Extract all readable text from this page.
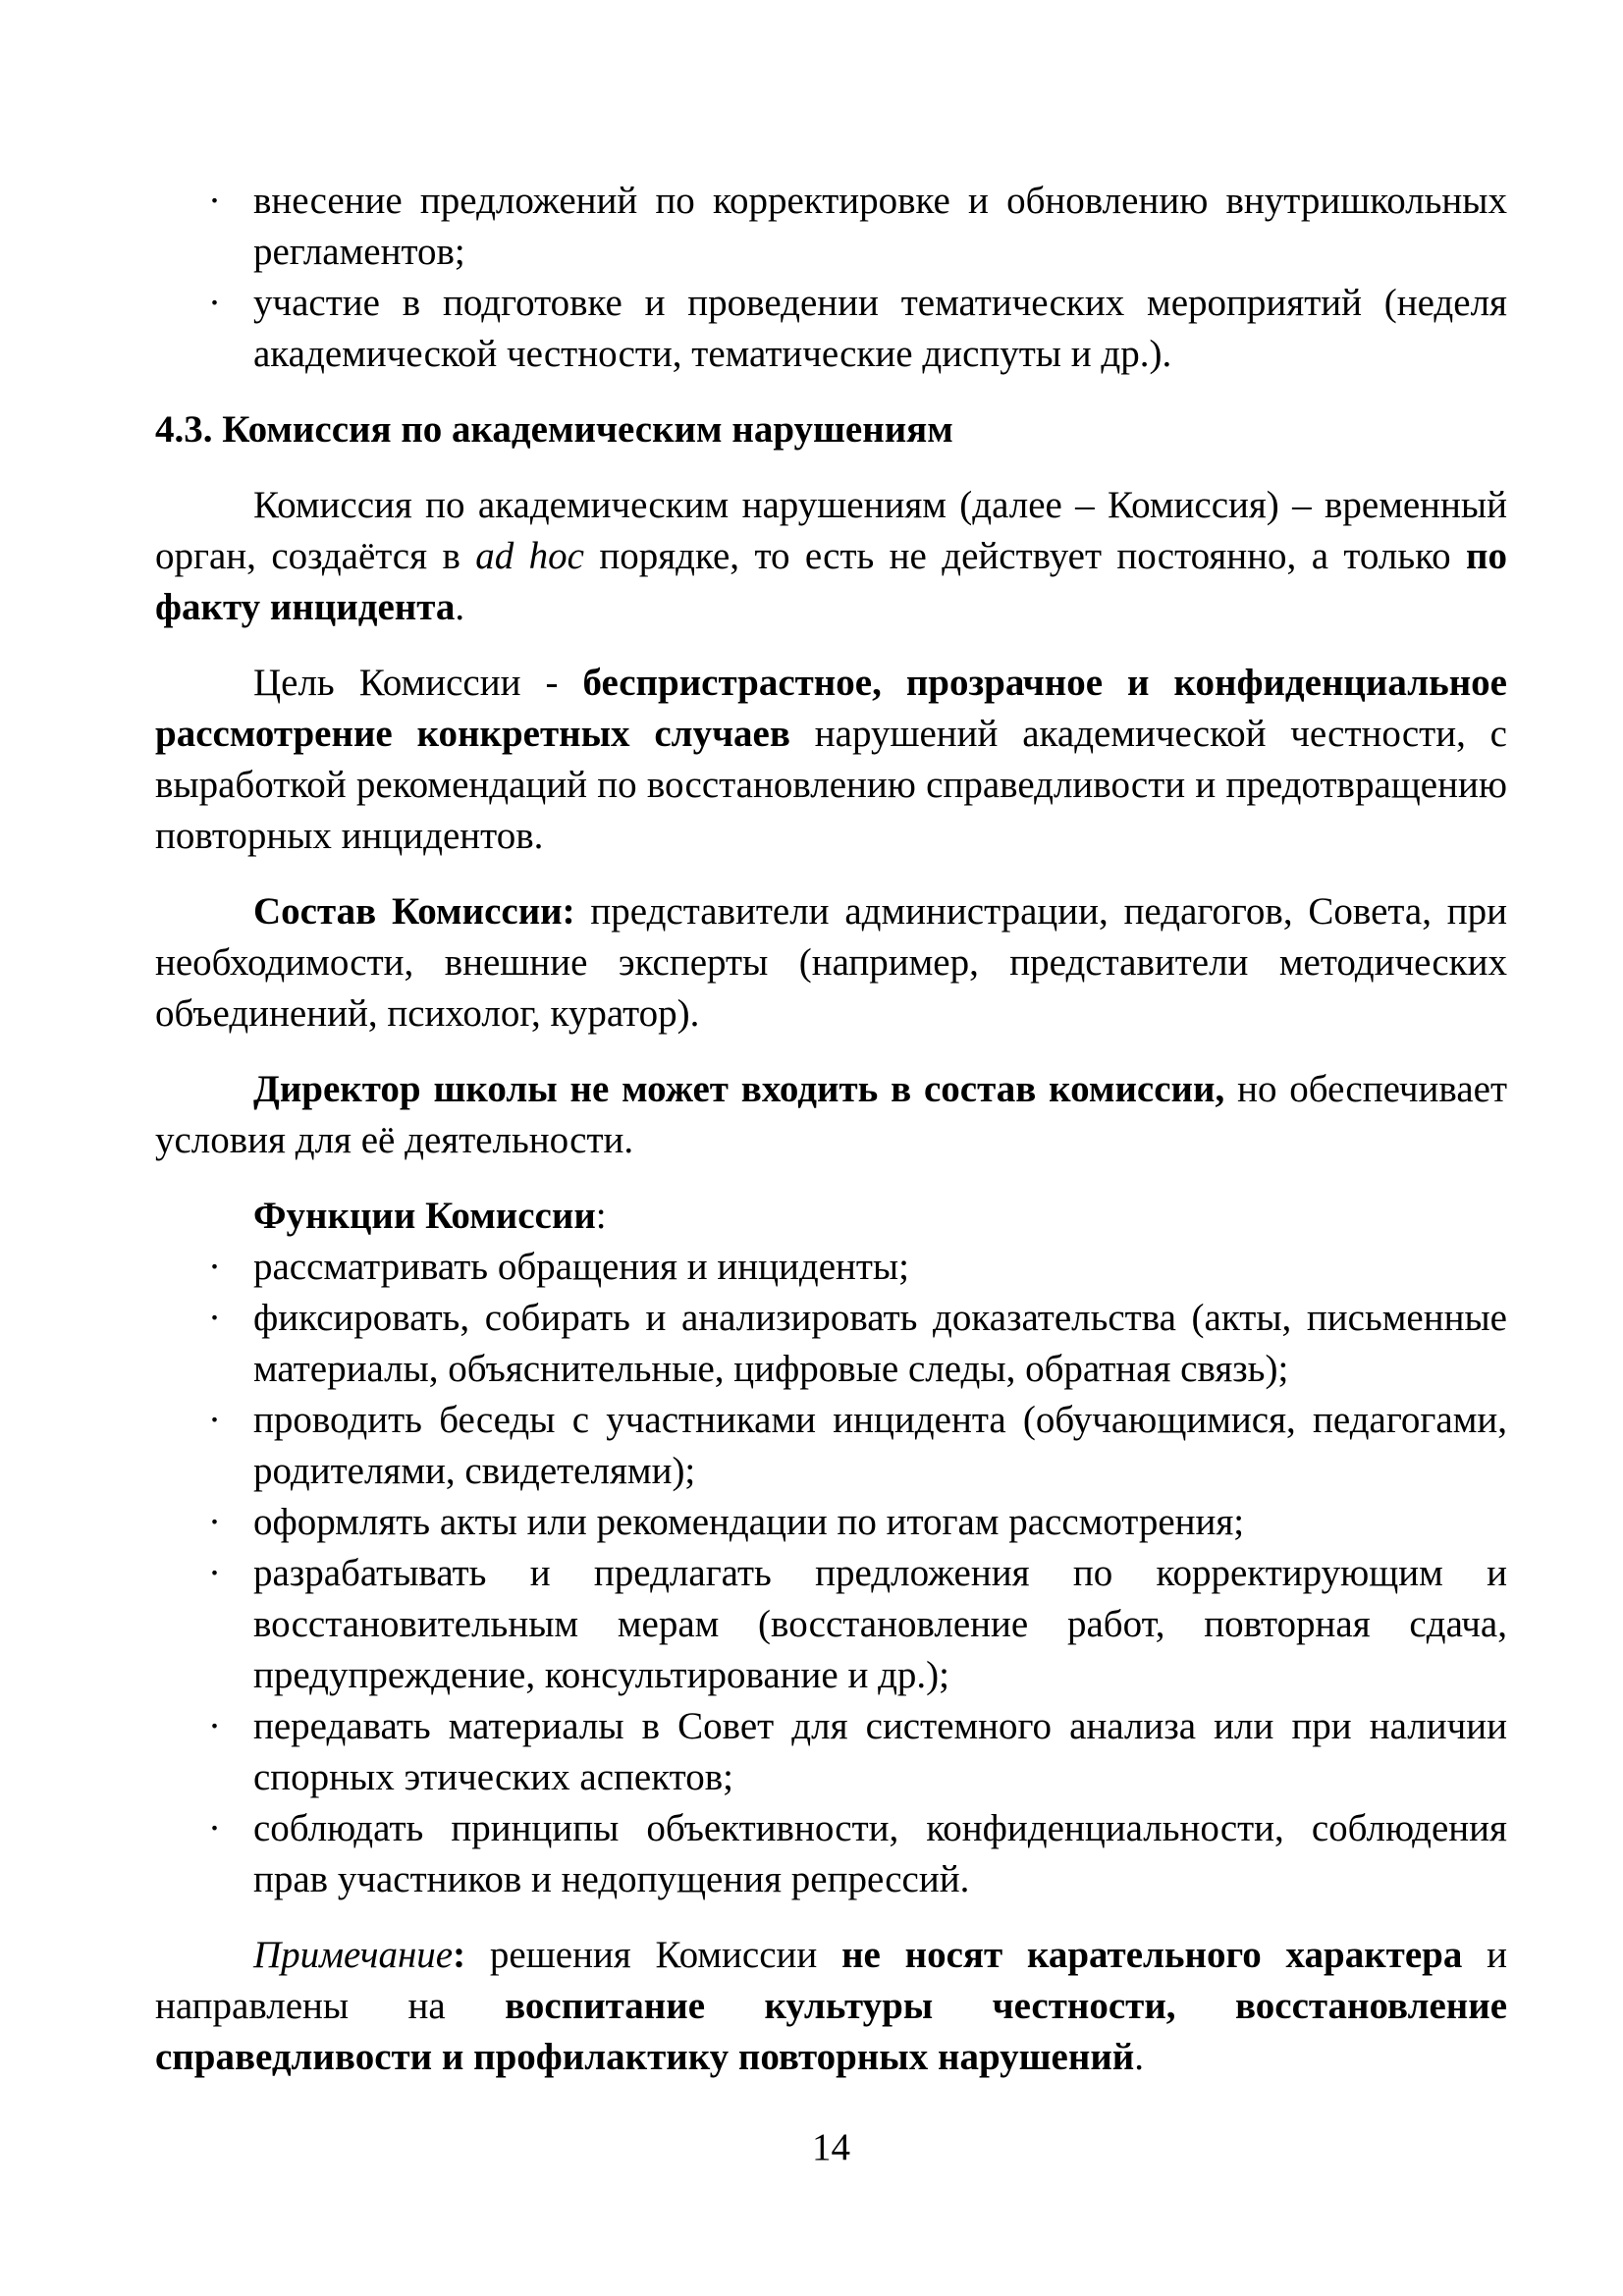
· внесение предложений по корректировке и обновлению внутришкольных регламентов;
· участие в подготовке и проведении тематических мероприятий (неделя академической честности, тематические диспуты и др.).
4.3. Комиссия по академическим нарушениям

Комиссия по академическим нарушениям (далее – Комиссия) – временный орган, создаётся в ad hoc порядке, то есть не действует постоянно, а только по факту инцидента.

Цель Комиссии - беспристрастное, прозрачное и конфиденциальное рассмотрение конкретных случаев нарушений академической честности, с выработкой рекомендаций по восстановлению справедливости и предотвращению повторных инцидентов.

Состав Комиссии: представители администрации, педагогов, Совета, при необходимости, внешние эксперты (например, представители методических объединений, психолог, куратор).

Директор школы не может входить в состав комиссии, но обеспечивает условия для её деятельности.

Функции Комиссии:

· рассматривать обращения и инциденты;
· фиксировать, собирать и анализировать доказательства (акты, письменные материалы, объяснительные, цифровые следы, обратная связь);
· проводить беседы с участниками инцидента (обучающимися, педагогами, родителями, свидетелями);
· оформлять акты или рекомендации по итогам рассмотрения;
· разрабатывать и предлагать предложения по корректирующим и восстановительным мерам (восстановление работ, повторная сдача, предупреждение, консультирование и др.);
· передавать материалы в Совет для системного анализа или при наличии спорных этических аспектов;
· соблюдать принципы объективности, конфиденциальности, соблюдения прав участников и недопущения репрессий.

Примечание: решения Комиссии не носят карательного характера и направлены на воспитание культуры честности, восстановление справедливости и профилактику повторных нарушений.

14
